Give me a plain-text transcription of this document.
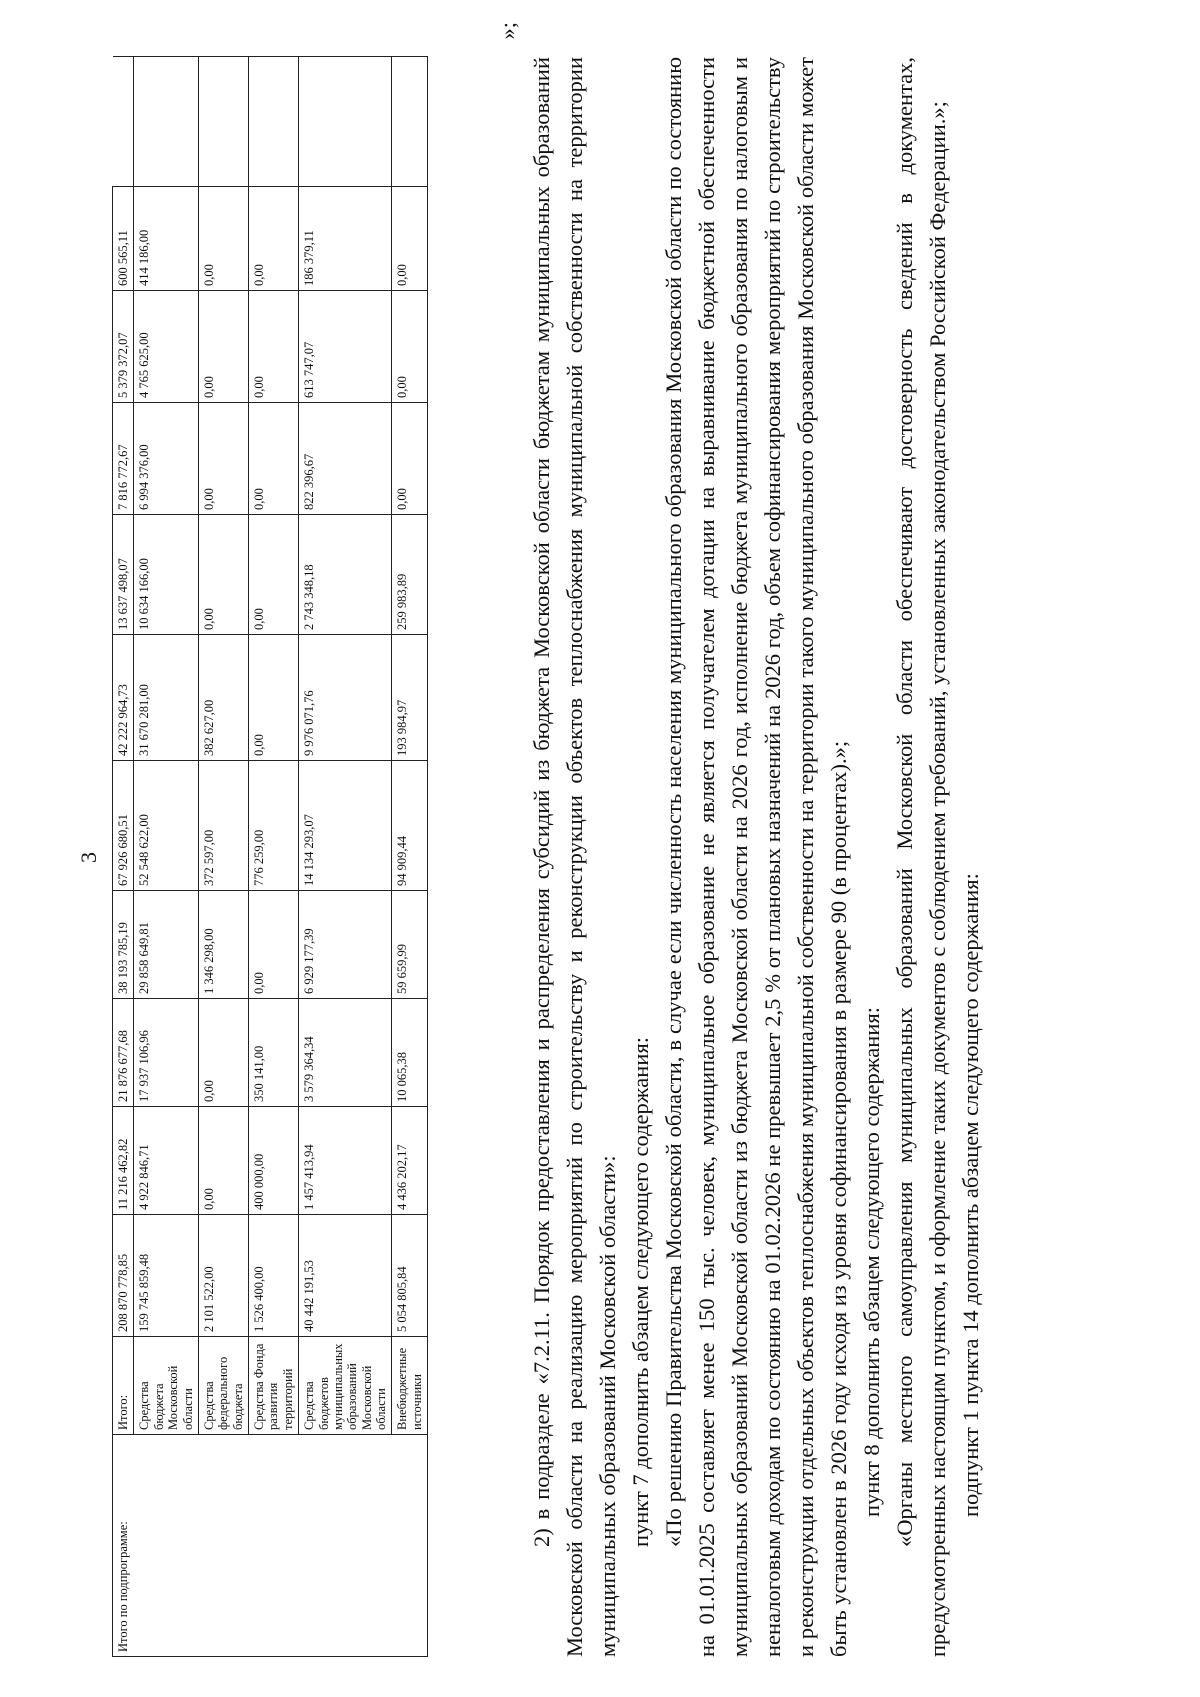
3
Итого по подпрограмме:	Итого:	208 870 778,85	11 216 462,82	21 876 677,68	38 193 785,19	67 926 680,51	42 222 964,73	13 637 498,07	7 816 772,67	5 379 372,07	600 565,11	
	Средства бюджета Московской области	159 745 859,48	4 922 846,71	17 937 106,96	29 858 649,81	52 548 622,00	31 670 281,00	10 634 166,00	6 994 376,00	4 765 625,00	414 186,00	
	Средства федерального бюджета	2 101 522,00	0,00	0,00	1 346 298,00	372 597,00	382 627,00	0,00	0,00	0,00	0,00	
	Средства Фонда развития территорий	1 526 400,00	400 000,00	350 141,00	0,00	776 259,00	0,00	0,00	0,00	0,00	0,00	
	Средства бюджетов муниципальных образований Московской области	40 442 191,53	1 457 413,94	3 579 364,34	6 929 177,39	14 134 293,07	9 976 071,76	2 743 348,18	822 396,67	613 747,07	186 379,11	
	Внебюджетные источники	5 054 805,84	4 436 202,17	10 065,38	59 659,99	94 909,44	193 984,97	259 983,89	0,00	0,00	0,00	
»;

2) в подразделе «7.2.11. Порядок предоставления и распределения субсидий из бюджета Московской области бюджетам муниципальных образований Московской области на реализацию мероприятий по строительству и реконструкции объектов теплоснабжения муниципальной собственности на территории муниципальных образований Московской области»: пункт 7 дополнить абзацем следующего содержания: «По решению Правительства Московской области, в случае если численность населения муниципального образования Московской области по состоянию на 01.01.2025 составляет менее 150 тыс. человек, муниципальное образование не является получателем дотации на выравнивание бюджетной обеспеченности муниципальных образований Московской области из бюджета Московской области на 2026 год, исполнение бюджета муниципального образования по налоговым и неналоговым доходам по состоянию на 01.02.2026 не превышает 2,5 % от плановых назначений на 2026 год, объем софинансирования мероприятий по строительству и реконструкции отдельных объектов теплоснабжения муниципальной собственности на территории такого муниципального образования Московской области может быть установлен в 2026 году исходя из уровня софинансирования в размере 90 (в процентах).»; пункт 8 дополнить абзацем следующего содержания: «Органы местного самоуправления муниципальных образований Московской области обеспечивают достоверность сведений в документах, предусмотренных настоящим пунктом, и оформление таких документов с соблюдением требований, установленных законодательством Российской Федерации.»; подпункт 1 пункта 14 дополнить абзацем следующего содержания:
